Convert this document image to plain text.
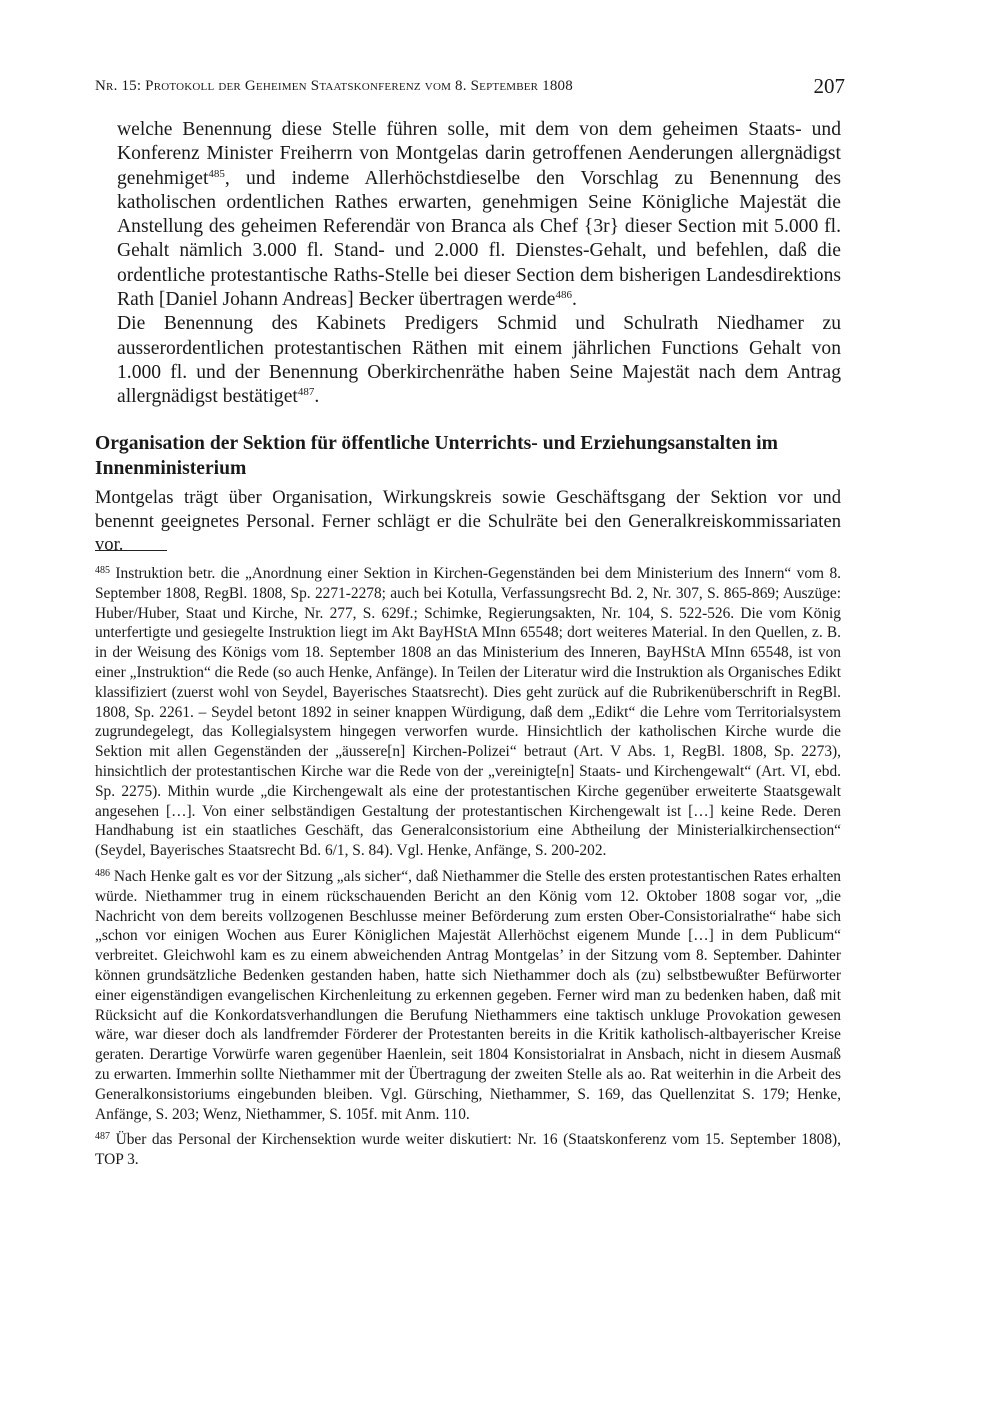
Nr. 15: Protokoll der Geheimen Staatskonferenz vom 8. September 1808	207

welche Benennung diese Stelle führen solle, mit dem von dem geheimen Staats- und Konferenz Minister Freiherrn von Montgelas darin getroffenen Aenderungen allergnädigst genehmiget$^{485}$, und indeme Allerhöchstdieselbe den Vorschlag zu Benennung des katholischen ordentlichen Rathes erwarten, genehmigen Seine Königliche Majestät die Anstellung des geheimen Referendär von Branca als Chef {3r} dieser Section mit 5.000 fl. Gehalt nämlich 3.000 fl. Stand- und 2.000 fl. Dienstes-Gehalt, und befehlen, daß die ordentliche protestantische Raths-Stelle bei dieser Section dem bisherigen Landesdirektions Rath [Daniel Johann Andreas] Becker übertragen werde$^{486}$.

Die Benennung des Kabinets Predigers Schmid und Schulrath Niedhamer zu ausserordentlichen protestantischen Räthen mit einem jährlichen Functions Gehalt von 1.000 fl. und der Benennung Oberkirchenräthe haben Seine Majestät nach dem Antrag allergnädigst bestätiget$^{487}$.

Organisation der Sektion für öffentliche Unterrichts- und Erziehungsanstalten im Innenministerium
Montgelas trägt über Organisation, Wirkungskreis sowie Geschäftsgang der Sektion vor und benennt geeignetes Personal. Ferner schlägt er die Schulräte bei den Generalkreiskommissariaten vor.

$^{485}$ Instruktion betr. die „Anordnung einer Sektion in Kirchen-Gegenständen bei dem Ministerium des Innern“ vom 8. September 1808, RegBl. 1808, Sp. 2271-2278; auch bei Kotulla, Verfassungsrecht Bd. 2, Nr. 307, S. 865-869; Auszüge: Huber/Huber, Staat und Kirche, Nr. 277, S. 629f.; Schimke, Regierungsakten, Nr. 104, S. 522-526. Die vom König unterfertigte und gesiegelte Instruktion liegt im Akt BayHStA MInn 65548; dort weiteres Material. In den Quellen, z. B. in der Weisung des Königs vom 18. September 1808 an das Ministerium des Inneren, BayHStA MInn 65548, ist von einer „Instruktion“ die Rede (so auch Henke, Anfänge). In Teilen der Literatur wird die Instruktion als Organisches Edikt klassifiziert (zuerst wohl von Seydel, Bayerisches Staatsrecht). Dies geht zurück auf die Rubrikenüberschrift in RegBl. 1808, Sp. 2261. – Seydel betont 1892 in seiner knappen Würdigung, daß dem „Edikt“ die Lehre vom Territorialsystem zugrundegelegt, das Kollegialsystem hingegen verworfen wurde. Hinsichtlich der katholischen Kirche wurde die Sektion mit allen Gegenständen der „äussere[n] Kirchen-Polizei“ betraut (Art. V Abs. 1, RegBl. 1808, Sp. 2273), hinsichtlich der protestantischen Kirche war die Rede von der „vereinigte[n] Staats- und Kirchengewalt“ (Art. VI, ebd. Sp. 2275). Mithin wurde „die Kirchengewalt als eine der protestantischen Kirche gegenüber erweiterte Staatsgewalt angesehen […]. Von einer selbständigen Gestaltung der protestantischen Kirchengewalt ist […] keine Rede. Deren Handhabung ist ein staatliches Geschäft, das Generalconsistorium eine Abtheilung der Ministerialkirchensection“ (Seydel, Bayerisches Staatsrecht Bd. 6/1, S. 84). Vgl. Henke, Anfänge, S. 200-202.

$^{486}$ Nach Henke galt es vor der Sitzung „als sicher“, daß Niethammer die Stelle des ersten protestantischen Rates erhalten würde. Niethammer trug in einem rückschauenden Bericht an den König vom 12. Oktober 1808 sogar vor, „die Nachricht von dem bereits vollzogenen Beschlusse meiner Beförderung zum ersten Ober-Consistorialrathe“ habe sich „schon vor einigen Wochen aus Eurer Königlichen Majestät Allerhöchst eigenem Munde […] in dem Publicum“ verbreitet. Gleichwohl kam es zu einem abweichenden Antrag Montgelas’ in der Sitzung vom 8. September. Dahinter können grundsätzliche Bedenken gestanden haben, hatte sich Niethammer doch als (zu) selbstbewußter Befürworter einer eigenständigen evangelischen Kirchenleitung zu erkennen gegeben. Ferner wird man zu bedenken haben, daß mit Rücksicht auf die Konkordatsverhandlungen die Berufung Niethammers eine taktisch unkluge Provokation gewesen wäre, war dieser doch als landfremder Förderer der Protestanten bereits in die Kritik katholisch-altbayerischer Kreise geraten. Derartige Vorwürfe waren gegenüber Haenlein, seit 1804 Konsistorialrat in Ansbach, nicht in diesem Ausmaß zu erwarten. Immerhin sollte Niethammer mit der Übertragung der zweiten Stelle als ao. Rat weiterhin in die Arbeit des Generalkonsistoriums eingebunden bleiben. Vgl. Gürsching, Niethammer, S. 169, das Quellenzitat S. 179; Henke, Anfänge, S. 203; Wenz, Niethammer, S. 105f. mit Anm. 110.

$^{487}$ Über das Personal der Kirchensektion wurde weiter diskutiert: Nr. 16 (Staatskonferenz vom 15. September 1808), TOP 3.
